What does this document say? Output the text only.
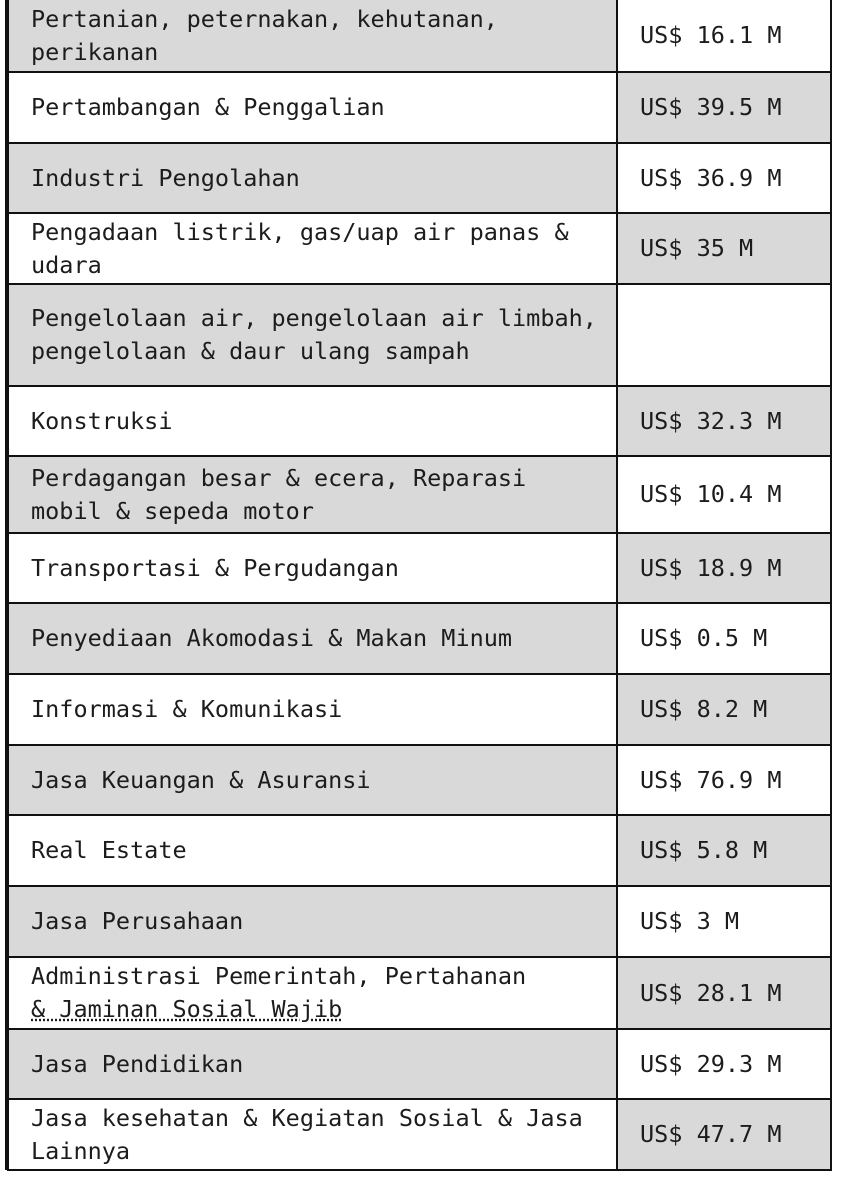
Pertanian, peternakan, kehutanan, perikanan	US$ 16.1 M
Pertambangan & Penggalian	US$ 39.5 M
Industri Pengolahan	US$ 36.9 M
Pengadaan listrik, gas/uap air panas & udara	US$ 35 M
Pengelolaan air, pengelolaan air limbah, pengelolaan & daur ulang sampah	
Konstruksi	US$ 32.3 M
Perdagangan besar & ecera, Reparasi mobil & sepeda motor	US$ 10.4 M
Transportasi & Pergudangan	US$ 18.9 M
Penyediaan Akomodasi & Makan Minum	US$ 0.5 M
Informasi & Komunikasi	US$ 8.2 M
Jasa Keuangan & Asuransi	US$ 76.9 M
Real Estate	US$ 5.8 M
Jasa Perusahaan	US$ 3 M
Administrasi Pemerintah, Pertahanan
& Jaminan Sosial Wajib	US$ 28.1 M
Jasa Pendidikan	US$ 29.3 M
Jasa kesehatan & Kegiatan Sosial & Jasa Lainnya	US$ 47.7 M
